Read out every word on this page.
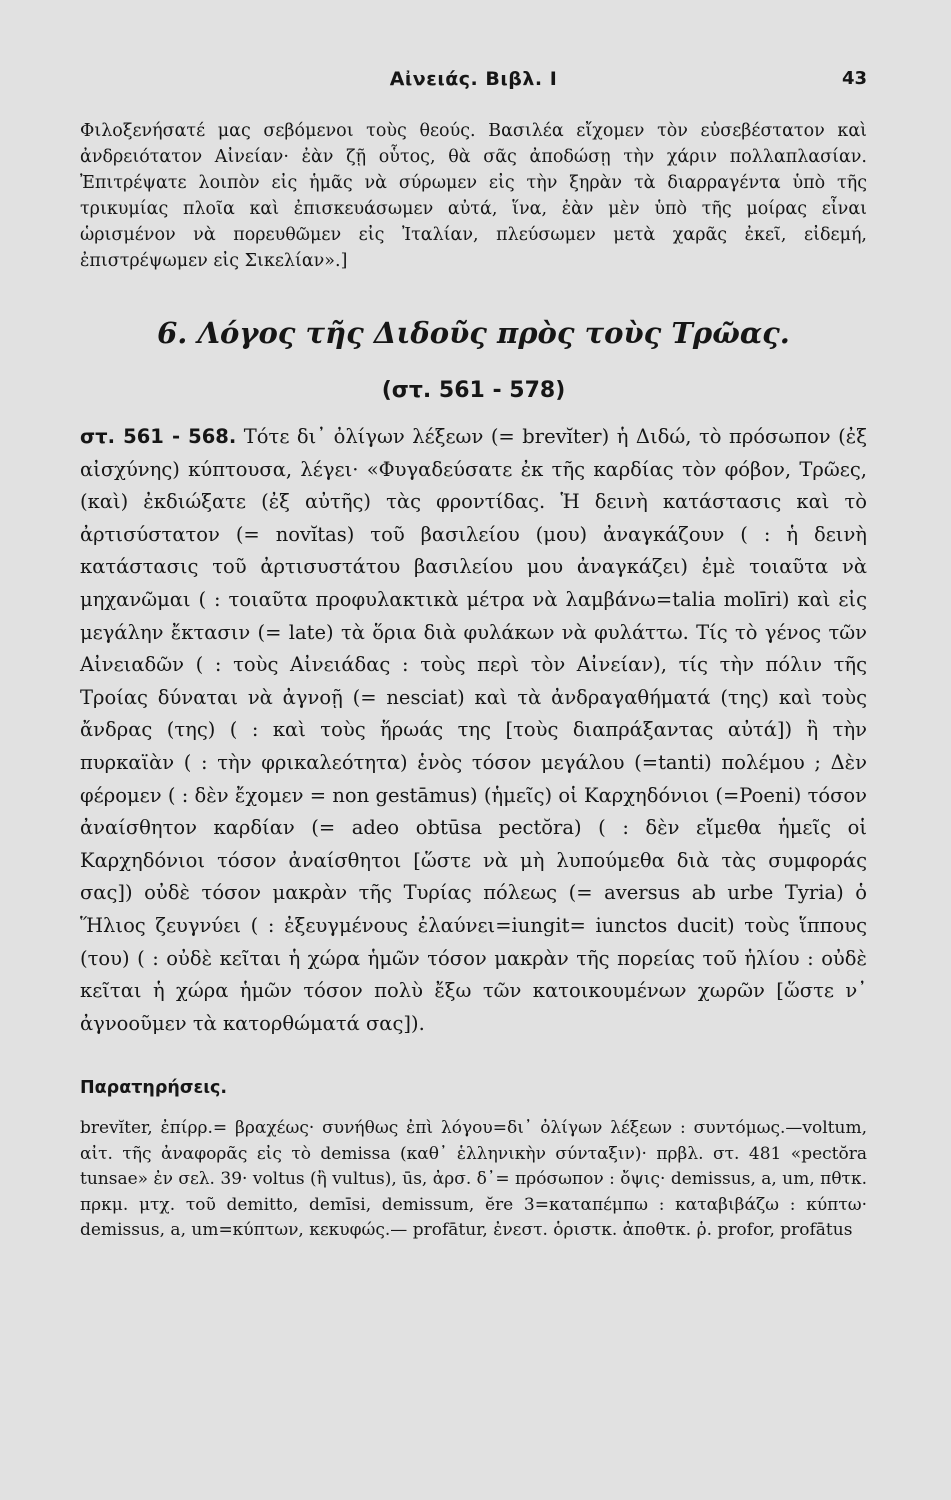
Αἰνειάς. Βιβλ. I	43

Φιλοξενήσατέ μας σεβόμενοι τοὺς θεούς. Βασιλέα εἴχομεν τὸν εὐσεβέστατον καὶ ἀνδρειότατον Αἰνείαν· ἐὰν ζῇ οὗτος, θὰ σᾶς ἀποδώσῃ τὴν χάριν πολλαπλασίαν. Ἐπιτρέψατε λοιπὸν εἰς ἡμᾶς νὰ σύρωμεν εἰς τὴν ξηρὰν τὰ διαρραγέντα ὑπὸ τῆς τρικυμίας πλοῖα καὶ ἐπισκευάσωμεν αὐτά, ἵνα, ἐὰν μὲν ὑπὸ τῆς μοίρας εἶναι ὡρισμένον νὰ πορευθῶμεν εἰς Ἰταλίαν, πλεύσωμεν μετὰ χαρᾶς ἐκεῖ, εἰδεμή, ἐπιστρέψωμεν εἰς Σικελίαν».]

6. Λόγος τῆς Διδοῦς πρὸς τοὺς Τρῶας.
(στ. 561 - 578)

στ. 561 - 568. Τότε δι᾽ ὀλίγων λέξεων (= brevĭter) ἡ Διδώ, τὸ πρόσωπον (ἐξ αἰσχύνης) κύπτουσα, λέγει· «Φυγαδεύσατε ἐκ τῆς καρδίας τὸν φόβον, Τρῶες, (καὶ) ἐκδιώξατε (ἐξ αὐτῆς) τὰς φροντίδας. Ἡ δεινὴ κατάστασις καὶ τὸ ἀρτισύστατον (= novĭtas) τοῦ βασιλείου (μου) ἀναγκάζουν ( : ἡ δεινὴ κατάστασις τοῦ ἀρτισυστάτου βασιλείου μου ἀναγκάζει) ἐμὲ τοιαῦτα νὰ μηχανῶμαι ( : τοιαῦτα προφυλακτικὰ μέτρα νὰ λαμβάνω=talia molīri) καὶ εἰς μεγάλην ἔκτασιν (= late) τὰ ὅρια διὰ φυλάκων νὰ φυλάττω. Τίς τὸ γένος τῶν Αἰνειαδῶν ( : τοὺς Αἰνειάδας : τοὺς περὶ τὸν Αἰνείαν), τίς τὴν πόλιν τῆς Τροίας δύναται νὰ ἀγνοῇ (= nesciat) καὶ τὰ ἀνδραγαθήματά (της) καὶ τοὺς ἄνδρας (της) ( : καὶ τοὺς ἥρωάς της [τοὺς διαπράξαντας αὐτά]) ἢ τὴν πυρκαϊὰν ( : τὴν φρικαλεότητα) ἑνὸς τόσον μεγάλου (=tanti) πολέμου ; Δὲν φέρομεν ( : δὲν ἔχομεν = non gestāmus) (ἡμεῖς) οἱ Καρχηδόνιοι (=Poeni) τόσον ἀναίσθητον καρδίαν (= adeo obtūsa pectŏra) ( : δὲν εἴμεθα ἡμεῖς οἱ Καρχηδόνιοι τόσον ἀναίσθητοι [ὥστε νὰ μὴ λυπούμεθα διὰ τὰς συμφοράς σας]) οὐδὲ τόσον μακρὰν τῆς Τυρίας πόλεως (= aversus ab urbe Tyria) ὁ Ἥλιος ζευγνύει ( : ἐξευγμένους ἐλαύνει=iungit= iunctos ducit) τοὺς ἵππους (του) ( : οὐδὲ κεῖται ἡ χώρα ἡμῶν τόσον μακρὰν τῆς πορείας τοῦ ἡλίου : οὐδὲ κεῖται ἡ χώρα ἡμῶν τόσον πολὺ ἔξω τῶν κατοικουμένων χωρῶν [ὥστε ν᾽ ἀγνοοῦμεν τὰ κατορθώματά σας]).

Παρατηρήσεις.

brevĭter, ἐπίρρ.= βραχέως· συνήθως ἐπὶ λόγου=δι᾽ ὀλίγων λέξεων : συντόμως.—voltum, αἰτ. τῆς ἀναφορᾶς εἰς τὸ demissa (καθ᾽ ἑλληνικὴν σύνταξιν)· πρβλ. στ. 481 «pectŏra tunsae» ἐν σελ. 39· voltus (ἢ vultus), ūs, ἀρσ. δ᾽= πρόσωπον : ὄψις· demissus, a, um, πθτκ. πρκμ. μτχ. τοῦ demitto, demīsi, demissum, ĕre 3=καταπέμπω : καταβιβάζω : κύπτω· demissus, a, um=κύπτων, κεκυφώς.— profātur, ἐνεστ. ὁριστκ. ἀποθτκ. ῥ. profor, profātus
